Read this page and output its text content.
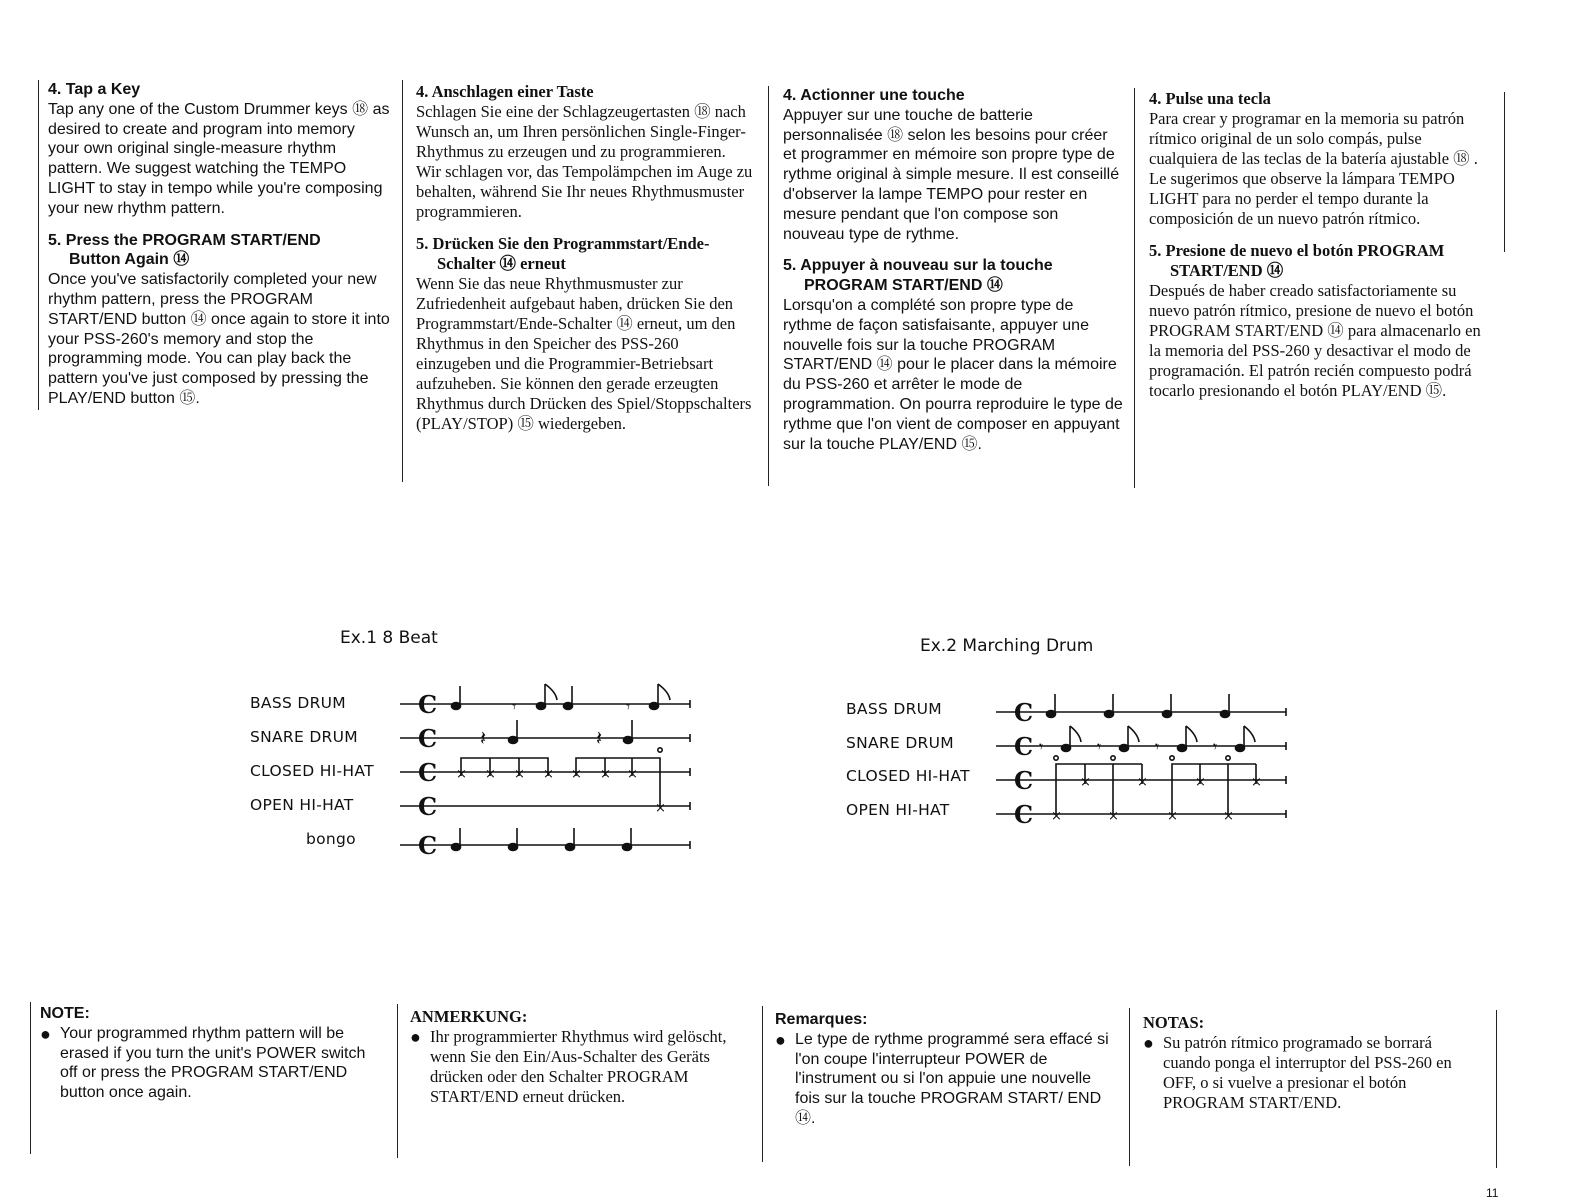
4. Tap a Key

Tap any one of the Custom Drummer keys ⑱ as desired to create and program into memory your own original single-measure rhythm pattern. We suggest watching the TEMPO LIGHT to stay in tempo while you're composing your new rhythm pattern.

5. Press the PROGRAM START/END

Button Again ⑭

Once you've satisfactorily completed your new rhythm pattern, press the PROGRAM START/END button ⑭ once again to store it into your PSS-260's memory and stop the programming mode. You can play back the pattern you've just composed by pressing the PLAY/END button ⑮.

4. Anschlagen einer Taste

Schlagen Sie eine der Schlagzeugertasten ⑱ nach Wunsch an, um Ihren persönlichen Single-Finger-Rhythmus zu erzeugen und zu programmieren. Wir schlagen vor, das Tempolämpchen im Auge zu behalten, während Sie Ihr neues Rhythmusmuster programmieren.

5. Drücken Sie den Programmstart/Ende-

Schalter ⑭ erneut

Wenn Sie das neue Rhythmusmuster zur Zufriedenheit aufgebaut haben, drücken Sie den Programmstart/Ende-Schalter ⑭ erneut, um den Rhythmus in den Speicher des PSS-260 einzugeben und die Programmier-Betriebsart aufzuheben. Sie können den gerade erzeugten Rhythmus durch Drücken des Spiel/Stoppschalters (PLAY/STOP) ⑮ wiedergeben.

4. Actionner une touche

Appuyer sur une touche de batterie personnalisée ⑱ selon les besoins pour créer et programmer en mémoire son propre type de rythme original à simple mesure. Il est conseillé d'observer la lampe TEMPO pour rester en mesure pendant que l'on compose son nouveau type de rythme.

5. Appuyer à nouveau sur la touche

PROGRAM START/END ⑭

Lorsqu'on a complété son propre type de rythme de façon satisfaisante, appuyer une nouvelle fois sur la touche PROGRAM START/END ⑭ pour le placer dans la mémoire du PSS-260 et arrêter le mode de programmation. On pourra reproduire le type de rythme que l'on vient de composer en appuyant sur la touche PLAY/END ⑮.

4. Pulse una tecla

Para crear y programar en la memoria su patrón rítmico original de un solo compás, pulse cualquiera de las teclas de la batería ajustable ⑱ . Le sugerimos que observe la lámpara TEMPO LIGHT para no perder el tempo durante la composición de un nuevo patrón rítmico.

5. Presione de nuevo el botón PROGRAM

START/END ⑭

Después de haber creado satisfactoriamente su nuevo patrón rítmico, presione de nuevo el botón PROGRAM START/END ⑭ para almacenarlo en la memoria del PSS-260 y desactivar el modo de programación. El patrón recién compuesto podrá tocarlo presionando el botón PLAY/END ⑮.

Ex.1 8 Beat
BASS DRUM
SNARE DRUM
CLOSED HI-HAT
OPEN HI-HAT
bongo
C
C
C
C
C
𝄾	𝄾
𝄽	𝄽
× × × × × × ×
×
Ex.2 Marching Drum
BASS DRUM
SNARE DRUM
CLOSED HI-HAT
OPEN HI-HAT
C
C
C
C
𝄾	𝄾	𝄾	𝄾
×	×	×	×
×	×	×	×

NOTE:

● Your programmed rhythm pattern will be erased if you turn the unit's POWER switch off or press the PROGRAM START/END button once again.

ANMERKUNG:

● Ihr programmierter Rhythmus wird gelöscht, wenn Sie den Ein/Aus-Schalter des Geräts drücken oder den Schalter PROGRAM START/END erneut drücken.

Remarques:

● Le type de rythme programmé sera effacé si l'on coupe l'interrupteur POWER de l'instrument ou si l'on appuie une nouvelle fois sur la touche PROGRAM START/ END ⑭.

NOTAS:

● Su patrón rítmico programado se borrará cuando ponga el interruptor del PSS-260 en OFF, o si vuelve a presionar el botón PROGRAM START/END.
11
